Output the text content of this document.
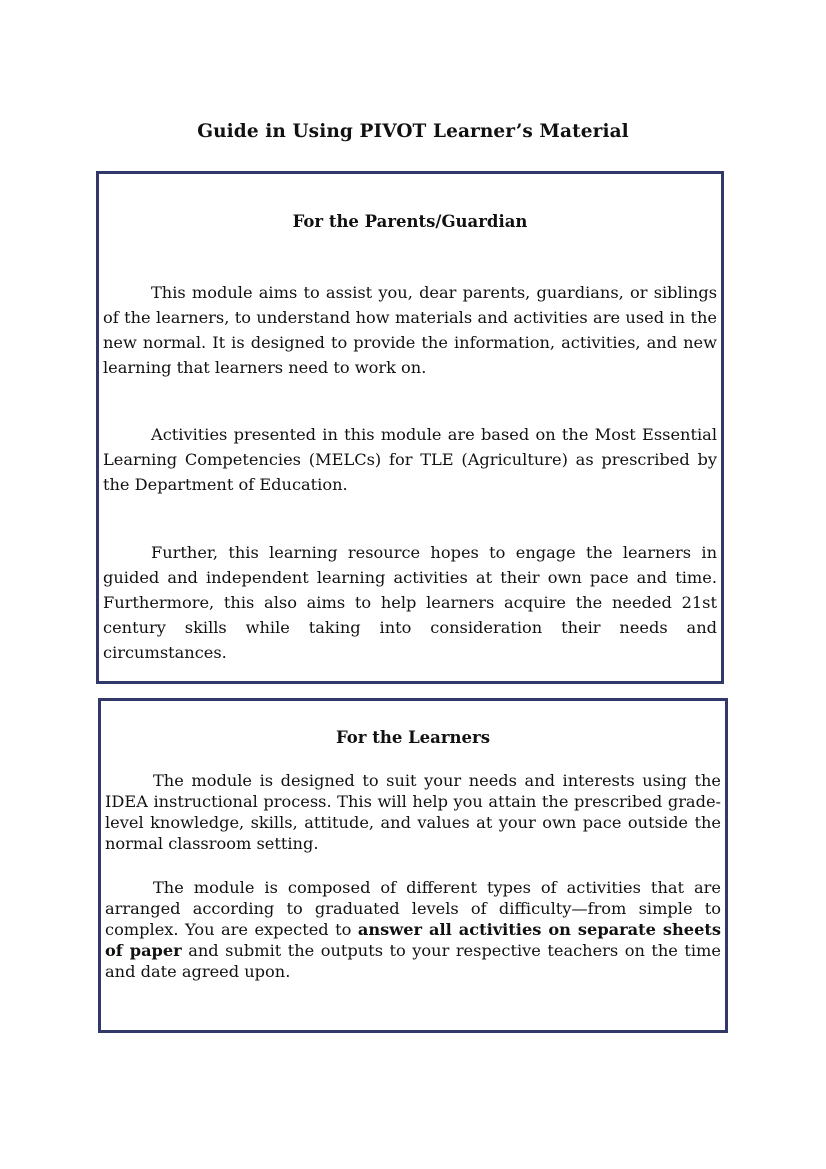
Guide in Using PIVOT Learner’s Material
For the Parents/Guardian
This module aims to assist you, dear parents, guardians, or siblings of the learners, to understand how materials and activities are used in the new normal. It is designed to provide the information, activities, and new learning that learners need to work on.
Activities presented in this module are based on the Most Essential Learning Competencies (MELCs) for TLE (Agriculture) as prescribed by the Department of Education.
Further, this learning resource hopes to engage the learners in guided and independent learning activities at their own pace and time. Furthermore, this also aims to help learners acquire the needed 21st century skills while taking into consideration their needs and circumstances.
For the Learners
The module is designed to suit your needs and interests using the IDEA instructional process. This will help you attain the prescribed grade-level knowledge, skills, attitude, and values at your own pace outside the normal classroom setting.
The module is composed of different types of activities that are arranged according to graduated levels of difficulty—from simple to complex. You are expected to answer all activities on separate sheets of paper and submit the outputs to your respective teachers on the time and date agreed upon.
